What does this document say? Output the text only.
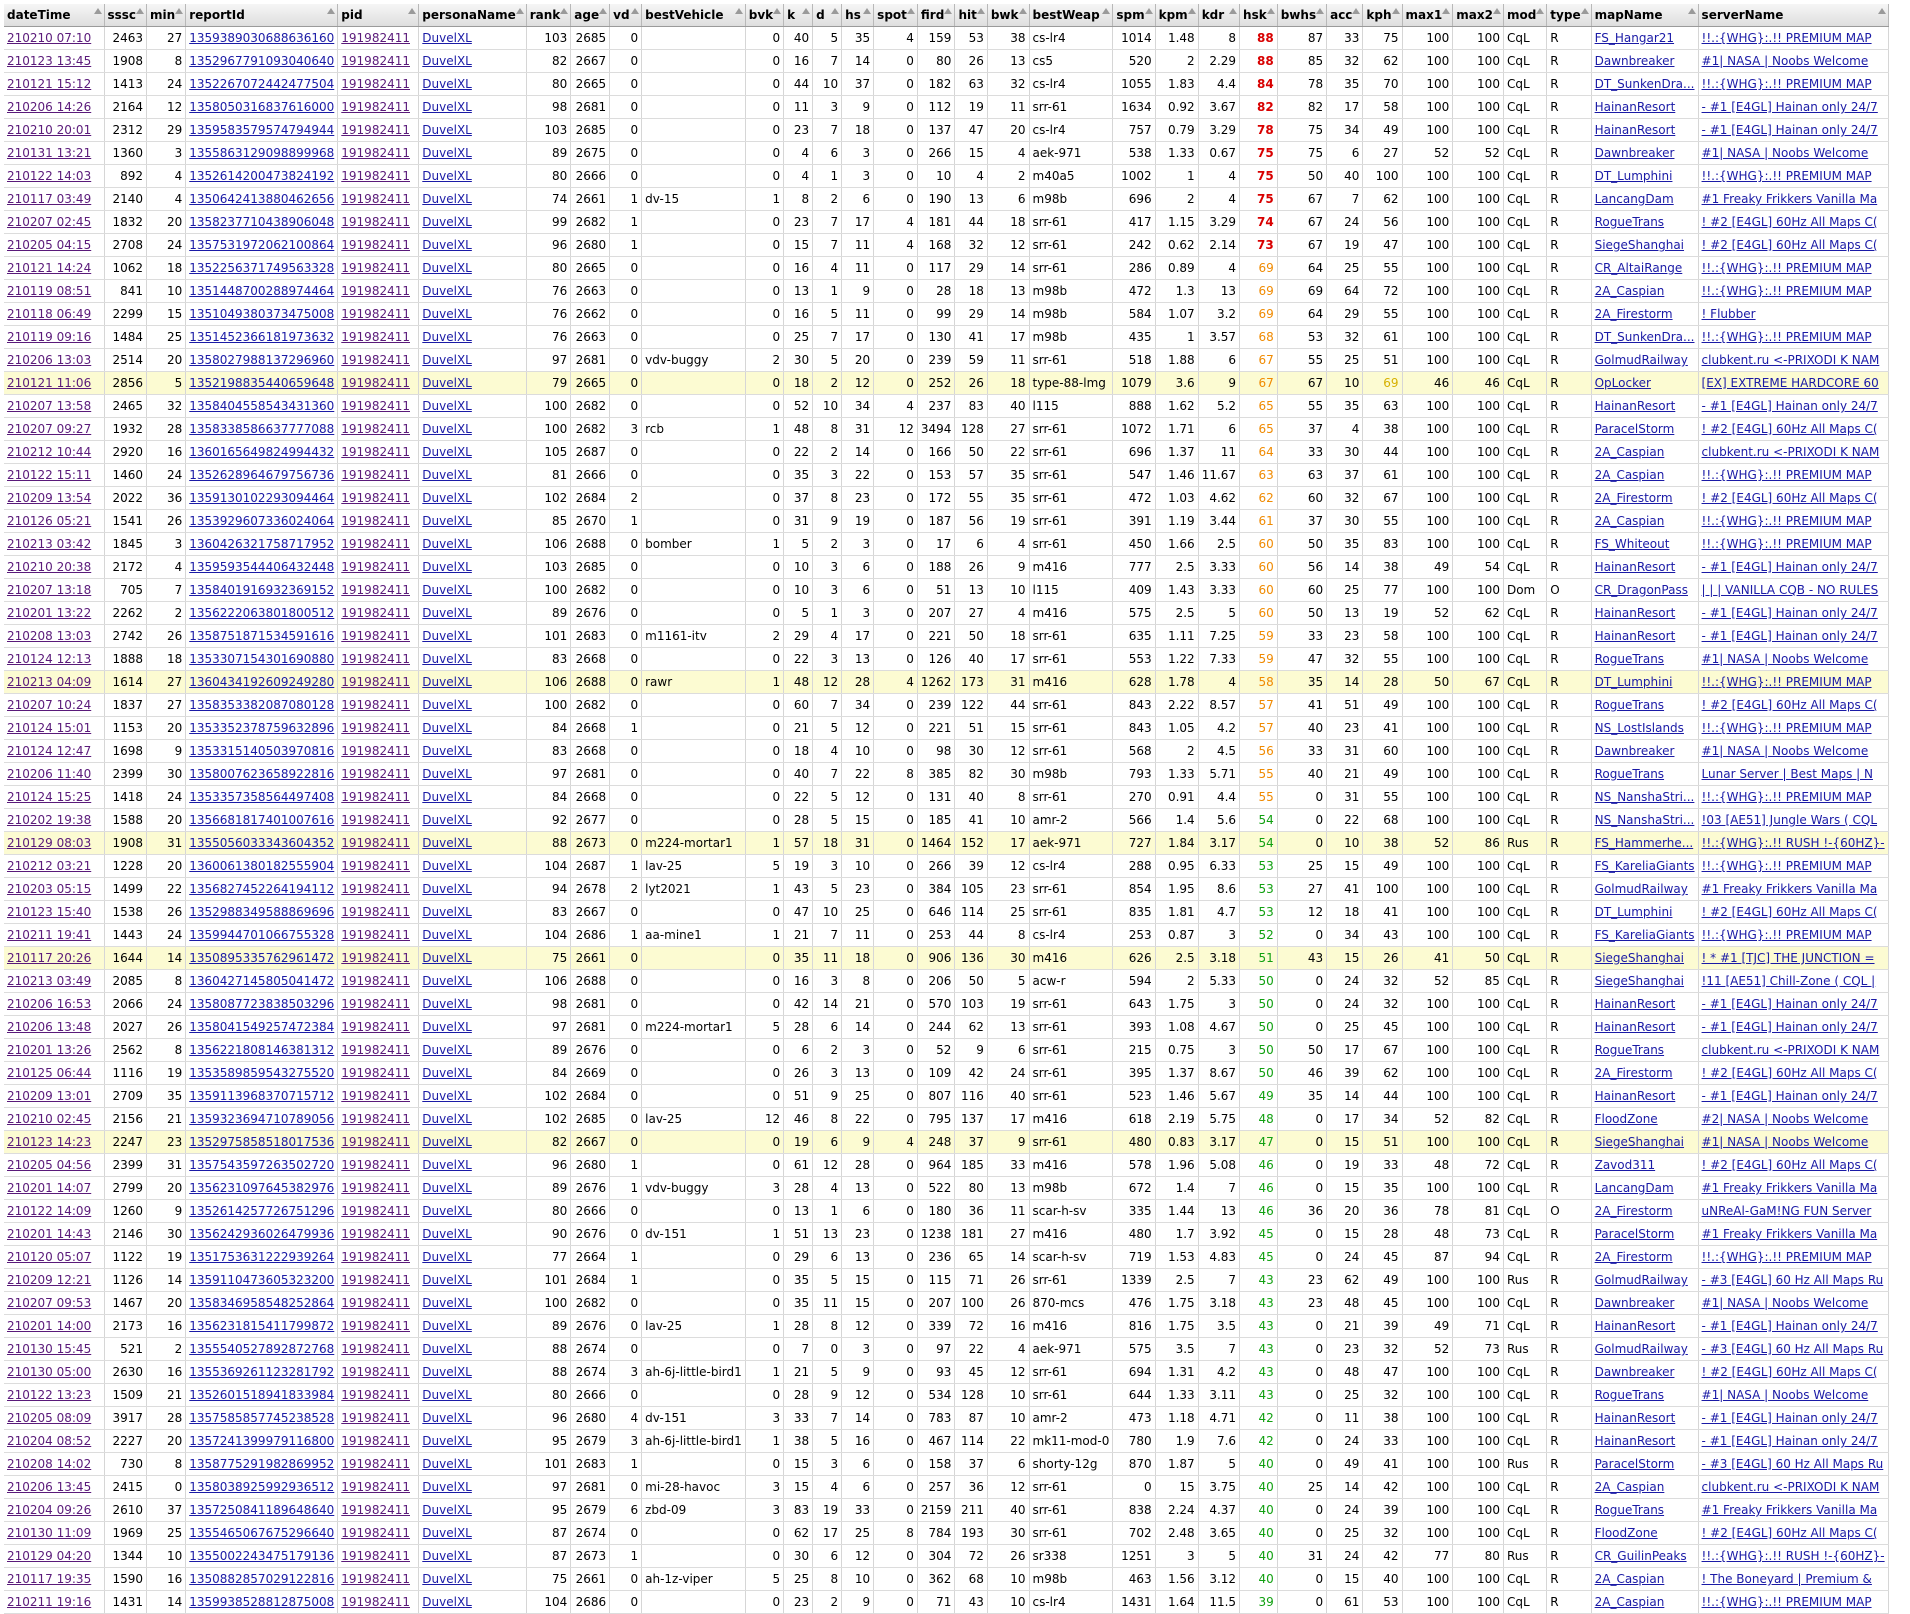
dateTime	sssc	min	reportId	pid	personaName	rank	age	vd	bestVehicle	bvk	k	d	hs	spot	fird	hit	bwk	bestWeap	spm	kpm	kdr	hsk	bwhs	acc	kph	max1	max2	mod	type	mapName	serverName

210210 07:10	2463	27	1359389030688636160	191982411	DuvelXL	103	2685	0		0	40	5	35	4	159	53	38	cs-lr4	1014	1.48	8	88	87	33	75	100	100	CqL	R	FS_Hangar21	!!.:{WHG}:.!! PREMIUM MAP
210123 13:45	1908	8	1352967791093040640	191982411	DuvelXL	82	2667	0		0	16	7	14	0	80	26	13	cs5	520	2	2.29	88	85	32	62	100	100	CqL	R	Dawnbreaker	#1| NASA | Noobs Welcome
210121 15:12	1413	24	1352267072442477504	191982411	DuvelXL	80	2665	0		0	44	10	37	0	182	63	32	cs-lr4	1055	1.83	4.4	84	78	35	70	100	100	CqL	R	DT_SunkenDra...	!!.:{WHG}:.!! PREMIUM MAP
210206 14:26	2164	12	1358050316837616000	191982411	DuvelXL	98	2681	0		0	11	3	9	0	112	19	11	srr-61	1634	0.92	3.67	82	82	17	58	100	100	CqL	R	HainanResort	- #1 [E4GL] Hainan only 24/7
210210 20:01	2312	29	1359583579574794944	191982411	DuvelXL	103	2685	0		0	23	7	18	0	137	47	20	cs-lr4	757	0.79	3.29	78	75	34	49	100	100	CqL	R	HainanResort	- #1 [E4GL] Hainan only 24/7
210131 13:21	1360	3	1355863129098899968	191982411	DuvelXL	89	2675	0		0	4	6	3	0	266	15	4	aek-971	538	1.33	0.67	75	75	6	27	52	52	CqL	R	Dawnbreaker	#1| NASA | Noobs Welcome
210122 14:03	892	4	1352614200473824192	191982411	DuvelXL	80	2666	0		0	4	1	3	0	10	4	2	m40a5	1002	1	4	75	50	40	100	100	100	CqL	R	DT_Lumphini	!!.:{WHG}:.!! PREMIUM MAP
210117 03:49	2140	4	1350642413880462656	191982411	DuvelXL	74	2661	1	dv-15	1	8	2	6	0	190	13	6	m98b	696	2	4	75	67	7	62	100	100	CqL	R	LancangDam	#1 Freaky Frikkers Vanilla Ma
210207 02:45	1832	20	1358237710438906048	191982411	DuvelXL	99	2682	1		0	23	7	17	4	181	44	18	srr-61	417	1.15	3.29	74	67	24	56	100	100	CqL	R	RogueTrans	! #2 [E4GL] 60Hz All Maps C(
210205 04:15	2708	24	1357531972062100864	191982411	DuvelXL	96	2680	1		0	15	7	11	4	168	32	12	srr-61	242	0.62	2.14	73	67	19	47	100	100	CqL	R	SiegeShanghai	! #2 [E4GL] 60Hz All Maps C(
210121 14:24	1062	18	1352256371749563328	191982411	DuvelXL	80	2665	0		0	16	4	11	0	117	29	14	srr-61	286	0.89	4	69	64	25	55	100	100	CqL	R	CR_AltaiRange	!!.:{WHG}:.!! PREMIUM MAP
210119 08:51	841	10	1351448700288974464	191982411	DuvelXL	76	2663	0		0	13	1	9	0	28	18	13	m98b	472	1.3	13	69	69	64	72	100	100	CqL	R	2A_Caspian	!!.:{WHG}:.!! PREMIUM MAP
210118 06:49	2299	15	1351049380373475008	191982411	DuvelXL	76	2662	0		0	16	5	11	0	99	29	14	m98b	584	1.07	3.2	69	64	29	55	100	100	CqL	R	2A_Firestorm	! Flubber
210119 09:16	1484	25	1351452366181973632	191982411	DuvelXL	76	2663	0		0	25	7	17	0	130	41	17	m98b	435	1	3.57	68	53	32	61	100	100	CqL	R	DT_SunkenDra...	!!.:{WHG}:.!! PREMIUM MAP
210206 13:03	2514	20	1358027988137296960	191982411	DuvelXL	97	2681	0	vdv-buggy	2	30	5	20	0	239	59	11	srr-61	518	1.88	6	67	55	25	51	100	100	CqL	R	GolmudRailway	clubkent.ru <-PRIXODI K NAM
210121 11:06	2856	5	1352198835440659648	191982411	DuvelXL	79	2665	0		0	18	2	12	0	252	26	18	type-88-lmg	1079	3.6	9	67	67	10	69	46	46	CqL	R	OpLocker	[EX] EXTREME HARDCORE 60
210207 13:58	2465	32	1358404558543431360	191982411	DuvelXL	100	2682	0		0	52	10	34	4	237	83	40	l115	888	1.62	5.2	65	55	35	63	100	100	CqL	R	HainanResort	- #1 [E4GL] Hainan only 24/7
210207 09:27	1932	28	1358338586637777088	191982411	DuvelXL	100	2682	3	rcb	1	48	8	31	12	3494	128	27	srr-61	1072	1.71	6	65	37	4	38	100	100	CqL	R	ParacelStorm	! #2 [E4GL] 60Hz All Maps C(
210212 10:44	2920	16	1360165649824994432	191982411	DuvelXL	105	2687	0		0	22	2	14	0	166	50	22	srr-61	696	1.37	11	64	33	30	44	100	100	CqL	R	2A_Caspian	clubkent.ru <-PRIXODI K NAM
210122 15:11	1460	24	1352628964679756736	191982411	DuvelXL	81	2666	0		0	35	3	22	0	153	57	35	srr-61	547	1.46	11.67	63	63	37	61	100	100	CqL	R	2A_Caspian	!!.:{WHG}:.!! PREMIUM MAP
210209 13:54	2022	36	1359130102293094464	191982411	DuvelXL	102	2684	2		0	37	8	23	0	172	55	35	srr-61	472	1.03	4.62	62	60	32	67	100	100	CqL	R	2A_Firestorm	! #2 [E4GL] 60Hz All Maps C(
210126 05:21	1541	26	1353929607336024064	191982411	DuvelXL	85	2670	1		0	31	9	19	0	187	56	19	srr-61	391	1.19	3.44	61	37	30	55	100	100	CqL	R	2A_Caspian	!!.:{WHG}:.!! PREMIUM MAP
210213 03:42	1845	3	1360426321758717952	191982411	DuvelXL	106	2688	0	bomber	1	5	2	3	0	17	6	4	srr-61	450	1.66	2.5	60	50	35	83	100	100	CqL	R	FS_Whiteout	!!.:{WHG}:.!! PREMIUM MAP
210210 20:38	2172	4	1359593544406432448	191982411	DuvelXL	103	2685	0		0	10	3	6	0	188	26	9	m416	777	2.5	3.33	60	56	14	38	49	54	CqL	R	HainanResort	- #1 [E4GL] Hainan only 24/7
210207 13:18	705	7	1358401916932369152	191982411	DuvelXL	100	2682	0		0	10	3	6	0	51	13	10	l115	409	1.43	3.33	60	60	25	77	100	100	Dom	O	CR_DragonPass	| | | VANILLA CQB - NO RULES
210201 13:22	2262	2	1356222063801800512	191982411	DuvelXL	89	2676	0		0	5	1	3	0	207	27	4	m416	575	2.5	5	60	50	13	19	52	62	CqL	R	HainanResort	- #1 [E4GL] Hainan only 24/7
210208 13:03	2742	26	1358751871534591616	191982411	DuvelXL	101	2683	0	m1161-itv	2	29	4	17	0	221	50	18	srr-61	635	1.11	7.25	59	33	23	58	100	100	CqL	R	HainanResort	- #1 [E4GL] Hainan only 24/7
210124 12:13	1888	18	1353307154301690880	191982411	DuvelXL	83	2668	0		0	22	3	13	0	126	40	17	srr-61	553	1.22	7.33	59	47	32	55	100	100	CqL	R	RogueTrans	#1| NASA | Noobs Welcome
210213 04:09	1614	27	1360434192609249280	191982411	DuvelXL	106	2688	0	rawr	1	48	12	28	4	1262	173	31	m416	628	1.78	4	58	35	14	28	50	67	CqL	R	DT_Lumphini	!!.:{WHG}:.!! PREMIUM MAP
210207 10:24	1837	27	1358353382087080128	191982411	DuvelXL	100	2682	0		0	60	7	34	0	239	122	44	srr-61	843	2.22	8.57	57	41	51	49	100	100	CqL	R	RogueTrans	! #2 [E4GL] 60Hz All Maps C(
210124 15:01	1153	20	1353352378759632896	191982411	DuvelXL	84	2668	1		0	21	5	12	0	221	51	15	srr-61	843	1.05	4.2	57	40	23	41	100	100	CqL	R	NS_LostIslands	!!.:{WHG}:.!! PREMIUM MAP
210124 12:47	1698	9	1353315140503970816	191982411	DuvelXL	83	2668	0		0	18	4	10	0	98	30	12	srr-61	568	2	4.5	56	33	31	60	100	100	CqL	R	Dawnbreaker	#1| NASA | Noobs Welcome
210206 11:40	2399	30	1358007623658922816	191982411	DuvelXL	97	2681	0		0	40	7	22	8	385	82	30	m98b	793	1.33	5.71	55	40	21	49	100	100	CqL	R	RogueTrans	Lunar Server | Best Maps | N
210124 15:25	1418	24	1353357358564497408	191982411	DuvelXL	84	2668	0		0	22	5	12	0	131	40	8	srr-61	270	0.91	4.4	55	0	31	55	100	100	CqL	R	NS_NanshaStri...	!!.:{WHG}:.!! PREMIUM MAP
210202 19:38	1588	20	1356681817401007616	191982411	DuvelXL	92	2677	0		0	28	5	15	0	185	41	10	amr-2	566	1.4	5.6	54	0	22	68	100	100	CqL	R	NS_NanshaStri...	!03 [AE51] Jungle Wars ( CQL
210129 08:03	1908	31	1355056033343604352	191982411	DuvelXL	88	2673	0	m224-mortar1	1	57	18	31	0	1464	152	17	aek-971	727	1.84	3.17	54	0	10	38	52	86	Rus	R	FS_Hammerhe...	!!.:{WHG}:.!! RUSH !-{60HZ}-
210212 03:21	1228	20	1360061380182555904	191982411	DuvelXL	104	2687	1	lav-25	5	19	3	10	0	266	39	12	cs-lr4	288	0.95	6.33	53	25	15	49	100	100	CqL	R	FS_KareliaGiants	!!.:{WHG}:.!! PREMIUM MAP
210203 05:15	1499	22	1356827452264194112	191982411	DuvelXL	94	2678	2	lyt2021	1	43	5	23	0	384	105	23	srr-61	854	1.95	8.6	53	27	41	100	100	100	CqL	R	GolmudRailway	#1 Freaky Frikkers Vanilla Ma
210123 15:40	1538	26	1352988349588869696	191982411	DuvelXL	83	2667	0		0	47	10	25	0	646	114	25	srr-61	835	1.81	4.7	53	12	18	41	100	100	CqL	R	DT_Lumphini	! #2 [E4GL] 60Hz All Maps C(
210211 19:41	1443	24	1359944701066755328	191982411	DuvelXL	104	2686	1	aa-mine1	1	21	7	11	0	253	44	8	cs-lr4	253	0.87	3	52	0	34	43	100	100	CqL	R	FS_KareliaGiants	!!.:{WHG}:.!! PREMIUM MAP
210117 20:26	1644	14	1350895335762961472	191982411	DuvelXL	75	2661	0		0	35	11	18	0	906	136	30	m416	626	2.5	3.18	51	43	15	26	41	50	CqL	R	SiegeShanghai	! * #1 [TJC] THE JUNCTION =
210213 03:49	2085	8	1360427145805041472	191982411	DuvelXL	106	2688	0		0	16	3	8	0	206	50	5	acw-r	594	2	5.33	50	0	24	32	52	85	CqL	R	SiegeShanghai	!11 [AE51] Chill-Zone ( CQL |
210206 16:53	2066	24	1358087723838503296	191982411	DuvelXL	98	2681	0		0	42	14	21	0	570	103	19	srr-61	643	1.75	3	50	0	24	32	100	100	CqL	R	HainanResort	- #1 [E4GL] Hainan only 24/7
210206 13:48	2027	26	1358041549257472384	191982411	DuvelXL	97	2681	0	m224-mortar1	5	28	6	14	0	244	62	13	srr-61	393	1.08	4.67	50	0	25	45	100	100	CqL	R	HainanResort	- #1 [E4GL] Hainan only 24/7
210201 13:26	2562	8	1356221808146381312	191982411	DuvelXL	89	2676	0		0	6	2	3	0	52	9	6	srr-61	215	0.75	3	50	50	17	67	100	100	CqL	R	RogueTrans	clubkent.ru <-PRIXODI K NAM
210125 06:44	1116	19	1353589859543275520	191982411	DuvelXL	84	2669	0		0	26	3	13	0	109	42	24	srr-61	395	1.37	8.67	50	46	39	62	100	100	CqL	R	2A_Firestorm	! #2 [E4GL] 60Hz All Maps C(
210209 13:01	2709	35	1359113968370715712	191982411	DuvelXL	102	2684	0		0	51	9	25	0	807	116	40	srr-61	523	1.46	5.67	49	35	14	44	100	100	CqL	R	HainanResort	- #1 [E4GL] Hainan only 24/7
210210 02:45	2156	21	1359323694710789056	191982411	DuvelXL	102	2685	0	lav-25	12	46	8	22	0	795	137	17	m416	618	2.19	5.75	48	0	17	34	52	82	CqL	R	FloodZone	#2| NASA | Noobs Welcome
210123 14:23	2247	23	1352975858518017536	191982411	DuvelXL	82	2667	0		0	19	6	9	4	248	37	9	srr-61	480	0.83	3.17	47	0	15	51	100	100	CqL	R	SiegeShanghai	#1| NASA | Noobs Welcome
210205 04:56	2399	31	1357543597263502720	191982411	DuvelXL	96	2680	1		0	61	12	28	0	964	185	33	m416	578	1.96	5.08	46	0	19	33	48	72	CqL	R	Zavod311	! #2 [E4GL] 60Hz All Maps C(
210201 14:07	2799	20	1356231097645382976	191982411	DuvelXL	89	2676	1	vdv-buggy	3	28	4	13	0	522	80	13	m98b	672	1.4	7	46	0	15	35	100	100	CqL	R	LancangDam	#1 Freaky Frikkers Vanilla Ma
210122 14:09	1260	9	1352614257726751296	191982411	DuvelXL	80	2666	0		0	13	1	6	0	180	36	11	scar-h-sv	335	1.44	13	46	36	20	36	78	81	CqL	O	2A_Firestorm	uNReAl-GaM!NG FUN Server
210201 14:43	2146	30	1356242936026479936	191982411	DuvelXL	90	2676	0	dv-151	1	51	13	23	0	1238	181	27	m416	480	1.7	3.92	45	0	15	28	48	73	CqL	R	ParacelStorm	#1 Freaky Frikkers Vanilla Ma
210120 05:07	1122	19	1351753631222939264	191982411	DuvelXL	77	2664	1		0	29	6	13	0	236	65	14	scar-h-sv	719	1.53	4.83	45	0	24	45	87	94	CqL	R	2A_Firestorm	!!.:{WHG}:.!! PREMIUM MAP
210209 12:21	1126	14	1359110473605323200	191982411	DuvelXL	101	2684	1		0	35	5	15	0	115	71	26	srr-61	1339	2.5	7	43	23	62	49	100	100	Rus	R	GolmudRailway	- #3 [E4GL] 60 Hz All Maps Ru
210207 09:53	1467	20	1358346958548252864	191982411	DuvelXL	100	2682	0		0	35	11	15	0	207	100	26	870-mcs	476	1.75	3.18	43	23	48	45	100	100	CqL	R	Dawnbreaker	#1| NASA | Noobs Welcome
210201 14:00	2173	16	1356231815411799872	191982411	DuvelXL	89	2676	0	lav-25	1	28	8	12	0	339	72	16	m416	816	1.75	3.5	43	0	21	39	49	71	CqL	R	HainanResort	- #1 [E4GL] Hainan only 24/7
210130 15:45	521	2	1355540527892872768	191982411	DuvelXL	88	2674	0		0	7	0	3	0	97	22	4	aek-971	575	3.5	7	43	0	23	32	52	73	Rus	R	GolmudRailway	- #3 [E4GL] 60 Hz All Maps Ru
210130 05:00	2630	16	1355369261123281792	191982411	DuvelXL	88	2674	3	ah-6j-little-bird1	1	21	5	9	0	93	45	12	srr-61	694	1.31	4.2	43	0	48	47	100	100	CqL	R	Dawnbreaker	! #2 [E4GL] 60Hz All Maps C(
210122 13:23	1509	21	1352601518941833984	191982411	DuvelXL	80	2666	0		0	28	9	12	0	534	128	10	srr-61	644	1.33	3.11	43	0	25	32	100	100	CqL	R	RogueTrans	#1| NASA | Noobs Welcome
210205 08:09	3917	28	1357585857745238528	191982411	DuvelXL	96	2680	4	dv-151	3	33	7	14	0	783	87	10	amr-2	473	1.18	4.71	42	0	11	38	100	100	CqL	R	HainanResort	- #1 [E4GL] Hainan only 24/7
210204 08:52	2227	20	1357241399979116800	191982411	DuvelXL	95	2679	3	ah-6j-little-bird1	1	38	5	16	0	467	114	22	mk11-mod-0	780	1.9	7.6	42	0	24	33	100	100	CqL	R	HainanResort	- #1 [E4GL] Hainan only 24/7
210208 14:02	730	8	1358775291982869952	191982411	DuvelXL	101	2683	1		0	15	3	6	0	158	37	6	shorty-12g	870	1.87	5	40	0	49	41	100	100	Rus	R	ParacelStorm	- #3 [E4GL] 60 Hz All Maps Ru
210206 13:45	2415	0	1358038925992936512	191982411	DuvelXL	97	2681	0	mi-28-havoc	3	15	4	6	0	257	36	12	srr-61	0	15	3.75	40	25	14	42	100	100	CqL	R	2A_Caspian	clubkent.ru <-PRIXODI K NAM
210204 09:26	2610	37	1357250841189648640	191982411	DuvelXL	95	2679	6	zbd-09	3	83	19	33	0	2159	211	40	srr-61	838	2.24	4.37	40	0	24	39	100	100	CqL	R	RogueTrans	#1 Freaky Frikkers Vanilla Ma
210130 11:09	1969	25	1355465067675296640	191982411	DuvelXL	87	2674	0		0	62	17	25	8	784	193	30	srr-61	702	2.48	3.65	40	0	25	32	100	100	CqL	R	FloodZone	! #2 [E4GL] 60Hz All Maps C(
210129 04:20	1344	10	1355002243475179136	191982411	DuvelXL	87	2673	1		0	30	6	12	0	304	72	26	sr338	1251	3	5	40	31	24	42	77	80	Rus	R	CR_GuilinPeaks	!!.:{WHG}:.!! RUSH !-{60HZ}-
210117 19:35	1590	16	1350882857029122816	191982411	DuvelXL	75	2661	0	ah-1z-viper	5	25	8	10	0	362	68	10	m98b	463	1.56	3.12	40	0	15	40	100	100	CqL	R	2A_Caspian	! The Boneyard | Premium &
210211 19:16	1431	14	1359938528812875008	191982411	DuvelXL	104	2686	0		0	23	2	9	0	71	43	10	cs-lr4	1431	1.64	11.5	39	0	61	53	100	100	CqL	R	2A_Caspian	!!.:{WHG}:.!! PREMIUM MAP
